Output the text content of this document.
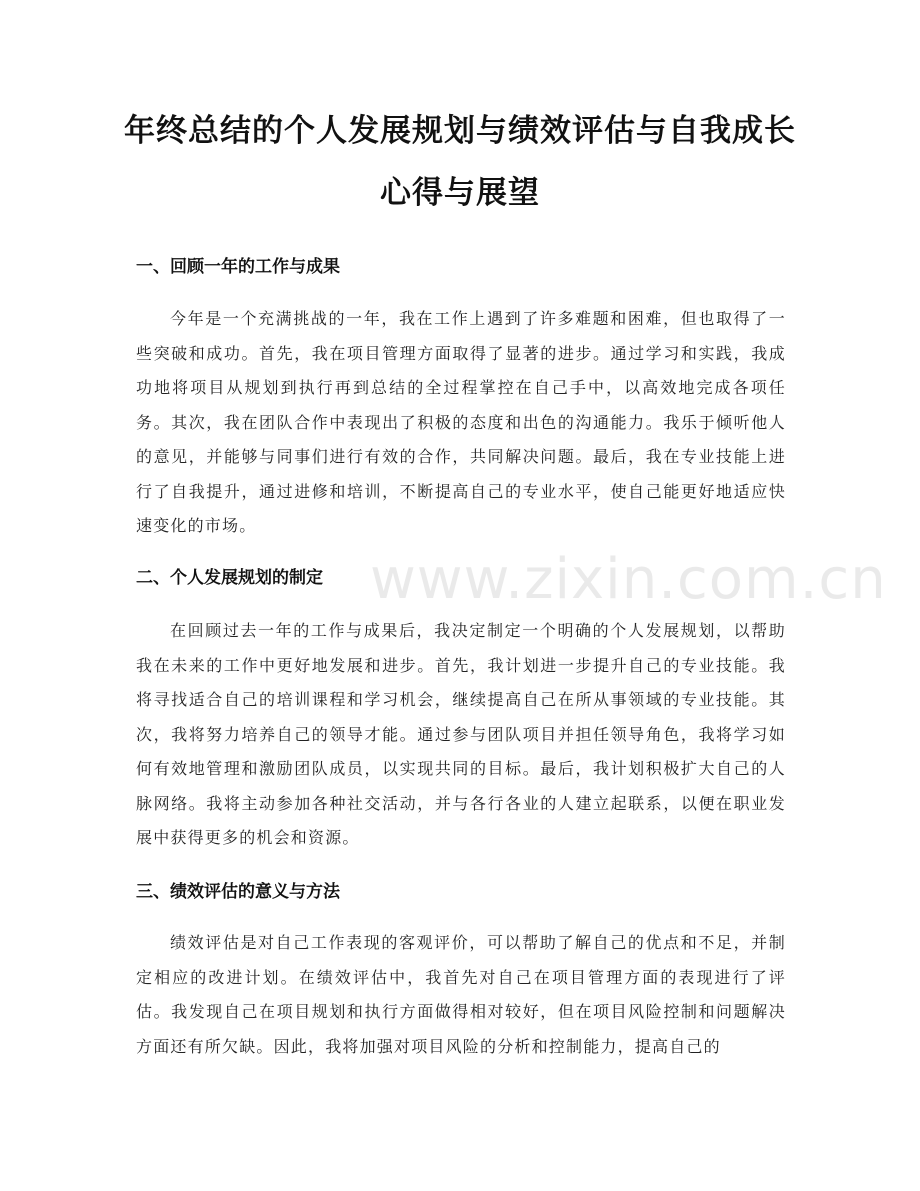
年终总结的个人发展规划与绩效评估与自我成长心得与展望
www.zixin.com.cn
一、回顾一年的工作与成果

今年是一个充满挑战的一年，我在工作上遇到了许多难题和困难，但也取得了一些突破和成功。首先，我在项目管理方面取得了显著的进步。通过学习和实践，我成功地将项目从规划到执行再到总结的全过程掌控在自己手中，以高效地完成各项任务。其次，我在团队合作中表现出了积极的态度和出色的沟通能力。我乐于倾听他人的意见，并能够与同事们进行有效的合作，共同解决问题。最后，我在专业技能上进行了自我提升，通过进修和培训，不断提高自己的专业水平，使自己能更好地适应快速变化的市场。

二、个人发展规划的制定

在回顾过去一年的工作与成果后，我决定制定一个明确的个人发展规划，以帮助我在未来的工作中更好地发展和进步。首先，我计划进一步提升自己的专业技能。我将寻找适合自己的培训课程和学习机会，继续提高自己在所从事领域的专业技能。其次，我将努力培养自己的领导才能。通过参与团队项目并担任领导角色，我将学习如何有效地管理和激励团队成员，以实现共同的目标。最后，我计划积极扩大自己的人脉网络。我将主动参加各种社交活动，并与各行各业的人建立起联系，以便在职业发展中获得更多的机会和资源。

三、绩效评估的意义与方法

绩效评估是对自己工作表现的客观评价，可以帮助了解自己的优点和不足，并制定相应的改进计划。在绩效评估中，我首先对自己在项目管理方面的表现进行了评估。我发现自己在项目规划和执行方面做得相对较好，但在项目风险控制和问题解决方面还有所欠缺。因此，我将加强对项目风险的分析和控制能力，提高自己的
